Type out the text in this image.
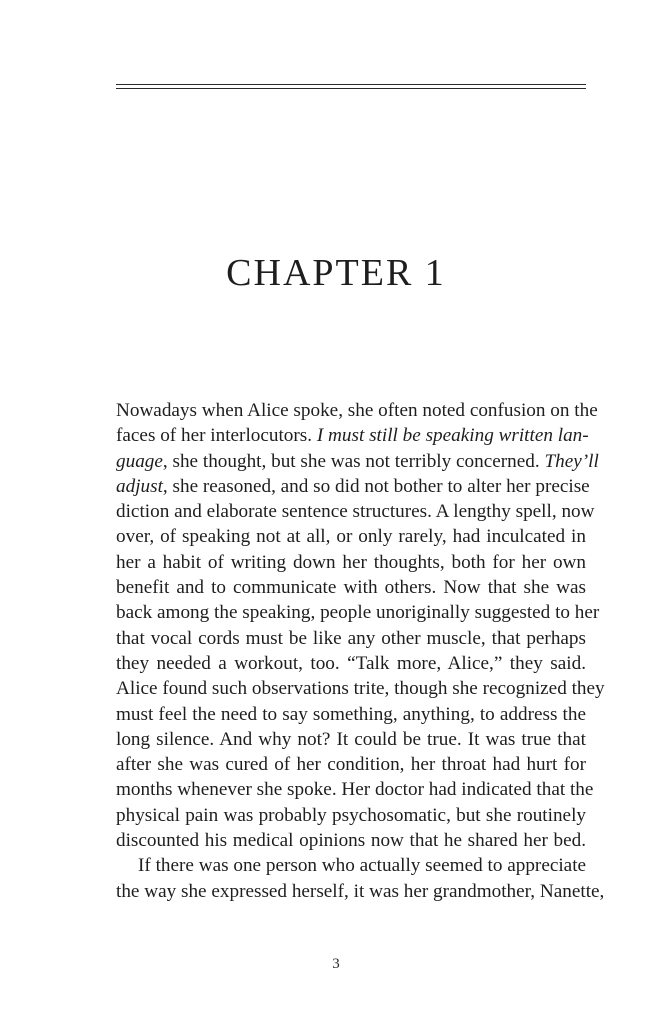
CHAPTER 1
Nowadays when Alice spoke, she often noted confusion on the
faces of her interlocutors. I must still be speaking written lan-
guage, she thought, but she was not terribly concerned. They’ll
adjust, she reasoned, and so did not bother to alter her precise
diction and elaborate sentence structures. A lengthy spell, now
over, of speaking not at all, or only rarely, had inculcated in
her a habit of writing down her thoughts, both for her own
benefit and to communicate with others. Now that she was
back among the speaking, people unoriginally suggested to her
that vocal cords must be like any other muscle, that perhaps
they needed a workout, too. “Talk more, Alice,” they said.
Alice found such observations trite, though she recognized they
must feel the need to say something, anything, to address the
long silence. And why not? It could be true. It was true that
after she was cured of her condition, her throat had hurt for
months whenever she spoke. Her doctor had indicated that the
physical pain was probably psychosomatic, but she routinely
discounted his medical opinions now that he shared her bed.
If there was one person who actually seemed to appreciate
the way she expressed herself, it was her grandmother, Nanette,
3
